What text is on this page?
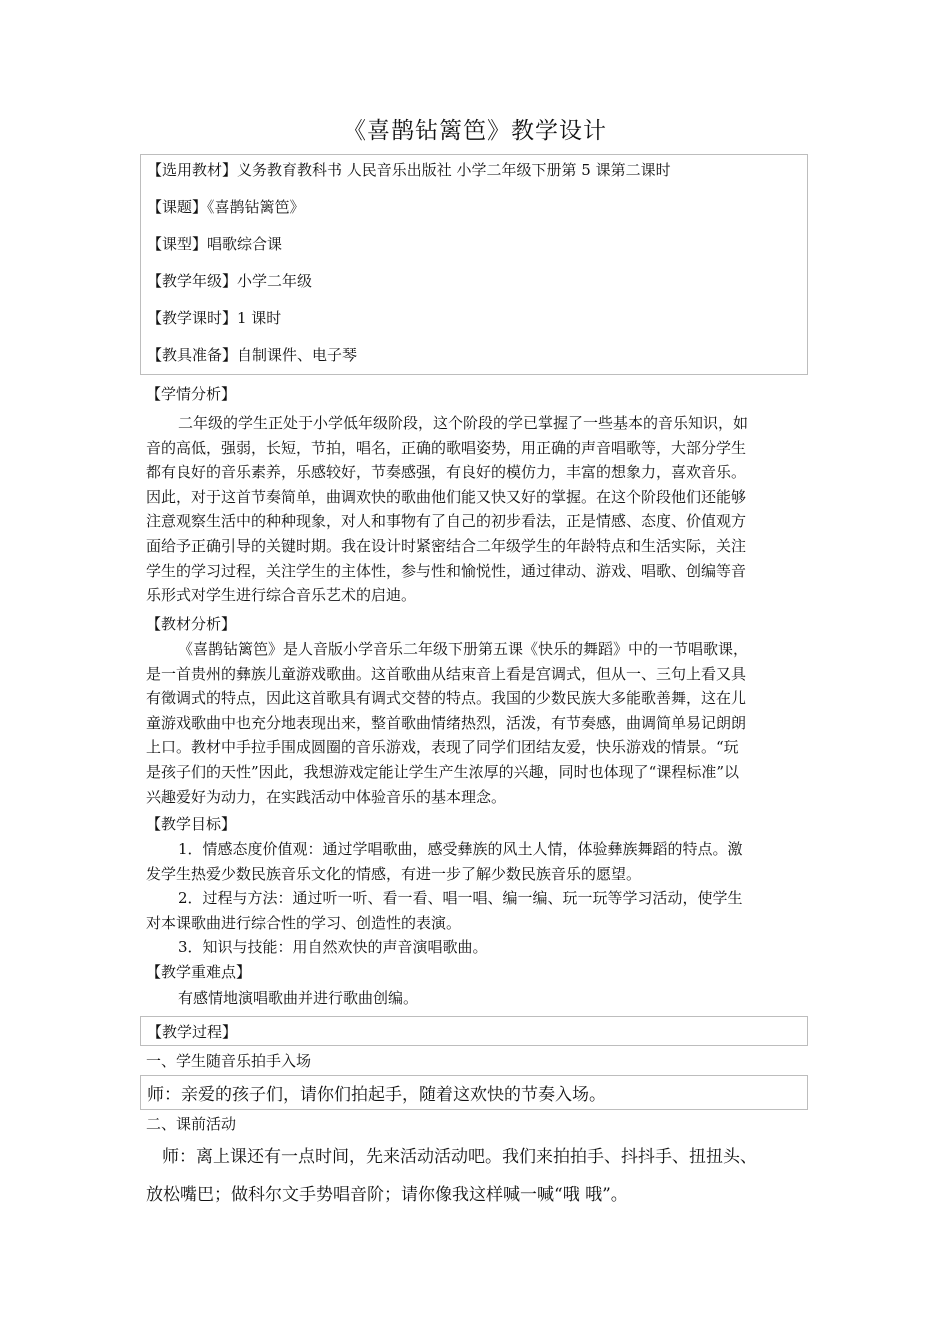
《喜鹊钻篱笆》教学设计
【选用教材】义务教育教科书 人民音乐出版社 小学二年级下册第 5 课第二课时
【课题】《喜鹊钻篱笆》
【课型】唱歌综合课
【教学年级】小学二年级
【教学课时】1 课时
【教具准备】自制课件、电子琴
【学情分析】
二年级的学生正处于小学低年级阶段，这个阶段的学已掌握了一些基本的音乐知识，如
音的高低，强弱，长短，节拍，唱名，正确的歌唱姿势，用正确的声音唱歌等，大部分学生
都有良好的音乐素养，乐感较好，节奏感强，有良好的模仿力，丰富的想象力，喜欢音乐。
因此，对于这首节奏简单，曲调欢快的歌曲他们能又快又好的掌握。在这个阶段他们还能够
注意观察生活中的种种现象，对人和事物有了自己的初步看法，正是情感、态度、价值观方
面给予正确引导的关键时期。我在设计时紧密结合二年级学生的年龄特点和生活实际，关注
学生的学习过程，关注学生的主体性，参与性和愉悦性，通过律动、游戏、唱歌、创编等音
乐形式对学生进行综合音乐艺术的启迪。
【教材分析】
《喜鹊钻篱笆》是人音版小学音乐二年级下册第五课《快乐的舞蹈》中的一节唱歌课，
是一首贵州的彝族儿童游戏歌曲。这首歌曲从结束音上看是宫调式，但从一、三句上看又具
有徵调式的特点，因此这首歌具有调式交替的特点。我国的少数民族大多能歌善舞，这在儿
童游戏歌曲中也充分地表现出来，整首歌曲情绪热烈，活泼，有节奏感，曲调简单易记朗朗
上口。教材中手拉手围成圆圈的音乐游戏，表现了同学们团结友爱，快乐游戏的情景。“玩
是孩子们的天性”因此，我想游戏定能让学生产生浓厚的兴趣，同时也体现了“课程标准”以
兴趣爱好为动力，在实践活动中体验音乐的基本理念。
【教学目标】
1．情感态度价值观：通过学唱歌曲，感受彝族的风土人情，体验彝族舞蹈的特点。激
发学生热爱少数民族音乐文化的情感，有进一步了解少数民族音乐的愿望。
2．过程与方法：通过听一听、看一看、唱一唱、编一编、玩一玩等学习活动，使学生
对本课歌曲进行综合性的学习、创造性的表演。
3．知识与技能：用自然欢快的声音演唱歌曲。
【教学重难点】
有感情地演唱歌曲并进行歌曲创编。
【教学过程】
一、学生随音乐拍手入场
师：亲爱的孩子们，请你们拍起手，随着这欢快的节奏入场。
二、课前活动
师：离上课还有一点时间，先来活动活动吧。我们来拍拍手、抖抖手、扭扭头、
放松嘴巴；做科尔文手势唱音阶；请你像我这样喊一喊“哦 哦”。
